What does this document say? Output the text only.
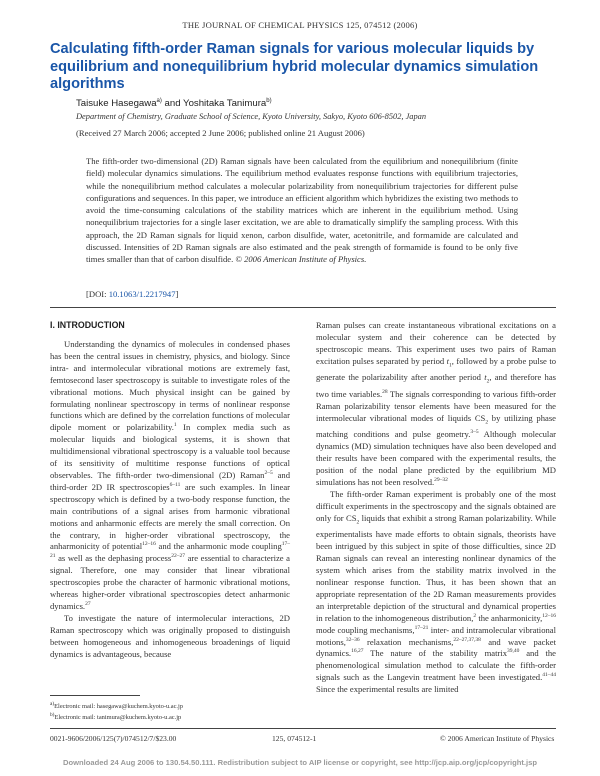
THE JOURNAL OF CHEMICAL PHYSICS 125, 074512 (2006)
Calculating fifth-order Raman signals for various molecular liquids by equilibrium and nonequilibrium hybrid molecular dynamics simulation algorithms
Taisuke Hasegawa$^{a)}$ and Yoshitaka Tanimura$^{b)}$
Department of Chemistry, Graduate School of Science, Kyoto University, Sakyo, Kyoto 606-8502, Japan
(Received 27 March 2006; accepted 2 June 2006; published online 21 August 2006)

The fifth-order two-dimensional (2D) Raman signals have been calculated from the equilibrium and nonequilibrium (finite field) molecular dynamics simulations. The equilibrium method evaluates response functions with equilibrium trajectories, while the nonequilibrium method calculates a molecular polarizability from nonequilibrium trajectories for different pulse configurations and sequences. In this paper, we introduce an efficient algorithm which hybridizes the existing two methods to avoid the time-consuming calculations of the stability matrices which are inherent in the equilibrium method. Using nonequilibrium trajectories for a single laser excitation, we are able to dramatically simplify the sampling process. With this approach, the 2D Raman signals for liquid xenon, carbon disulfide, water, acetonitrile, and formamide are calculated and discussed. Intensities of 2D Raman signals are also estimated and the peak strength of formamide is found to be only five times smaller than that of carbon disulfide. © 2006 American Institute of Physics.

[DOI: 10.1063/1.2217947]
I. INTRODUCTION

Understanding the dynamics of molecules in condensed phases has been the central issues in chemistry, physics, and biology. Since intra- and intermolecular vibrational motions are extremely fast, femtosecond laser spectroscopy is suitable to investigate roles of the vibrational motions. Much physical insight can be gained by formulating nonlinear spectroscopy in terms of nonlinear response functions which are defined by the correlation functions of molecular dipole moment or polarizability.$^1$ In complex media such as molecular liquids and biological systems, it is shown that multidimensional vibrational spectroscopy is a valuable tool because of its sensitivity of multitime response functions of optical observables. The fifth-order two-dimensional (2D) Raman$^{2-5}$ and third-order 2D IR spectroscopies$^{6-11}$ are such examples. In linear spectroscopy which is defined by a two-body response function, the main contributions of a signal arises from harmonic vibrational motions and anharmonic effects are merely the small correction. On the contrary, in higher-order vibrational spectroscopy, the anharmonicity of potential$^{12-16}$ and the anharmonic mode coupling$^{17-21}$ as well as the dephasing process$^{22-27}$ are essential to characterize a signal. Therefore, one may consider that linear vibrational spectroscopies probe the character of harmonic vibrational motions, whereas higher-order vibrational spectroscopies detect anharmonic dynamics.$^{27}$

To investigate the nature of intermolecular interactions, 2D Raman spectroscopy which was originally proposed to distinguish between homogeneous and inhomogeneous broadenings of liquid dynamics is advantageous, because

Raman pulses can create instantaneous vibrational excitations on a molecular system and their coherence can be detected by spectroscopic means. This experiment uses two pairs of Raman excitation pulses separated by period $t_1$, followed by a probe pulse to generate the polarizability after another period $t_2$, and therefore has two time variables.$^{28}$ The signals corresponding to various fifth-order Raman polarizability tensor elements have been measured for the intermolecular vibrational modes of liquids $CS_2$ by utilizing phase matching conditions and pulse geometry.$^{3-5}$ Although molecular dynamics (MD) simulation techniques have also been developed and their results have been compared with the experimental results, the position of the nodal plane predicted by the equilibrium MD simulations has not been resolved.$^{29-32}$

The fifth-order Raman experiment is probably one of the most difficult experiments in the spectroscopy and the signals obtained are only for $CS_2$ liquids that exhibit a strong Raman polarizability. While experimentalists have made efforts to obtain signals, theorists have been intrigued by this subject in spite of those difficulties, since 2D Raman signals can reveal an interesting nonlinear dynamics of the system which arises from the stability matrix involved in the nonlinear response function. Thus, it has been shown that an appropriate representation of the 2D Raman measurements provides an interpretable depiction of the structural and dynamical properties in relation to the inhomogeneous distribution,$^2$ the anharmonicity,$^{12-16}$ mode coupling mechanisms,$^{17-21}$ inter- and intramolecular vibrational motions,$^{32-36}$ relaxation mechanisms,$^{22-27,37,38}$ and wave packet dynamics.$^{16,27}$ The nature of the stability matrix$^{39,40}$ and the phenomenological simulation method to calculate the fifth-order signals such as the Langevin treatment have been investigated.$^{41-44}$ Since the experimental results are limited

$^{a)}$Electronic mail: hasegawa@kuchem.kyoto-u.ac.jp
$^{b)}$Electronic mail: tanimura@kuchem.kyoto-u.ac.jp
0021-9606/2006/125(7)/074512/7/$23.00	125, 074512-1	© 2006 American Institute of Physics
Downloaded 24 Aug 2006 to 130.54.50.111. Redistribution subject to AIP license or copyright, see http://jcp.aip.org/jcp/copyright.jsp
